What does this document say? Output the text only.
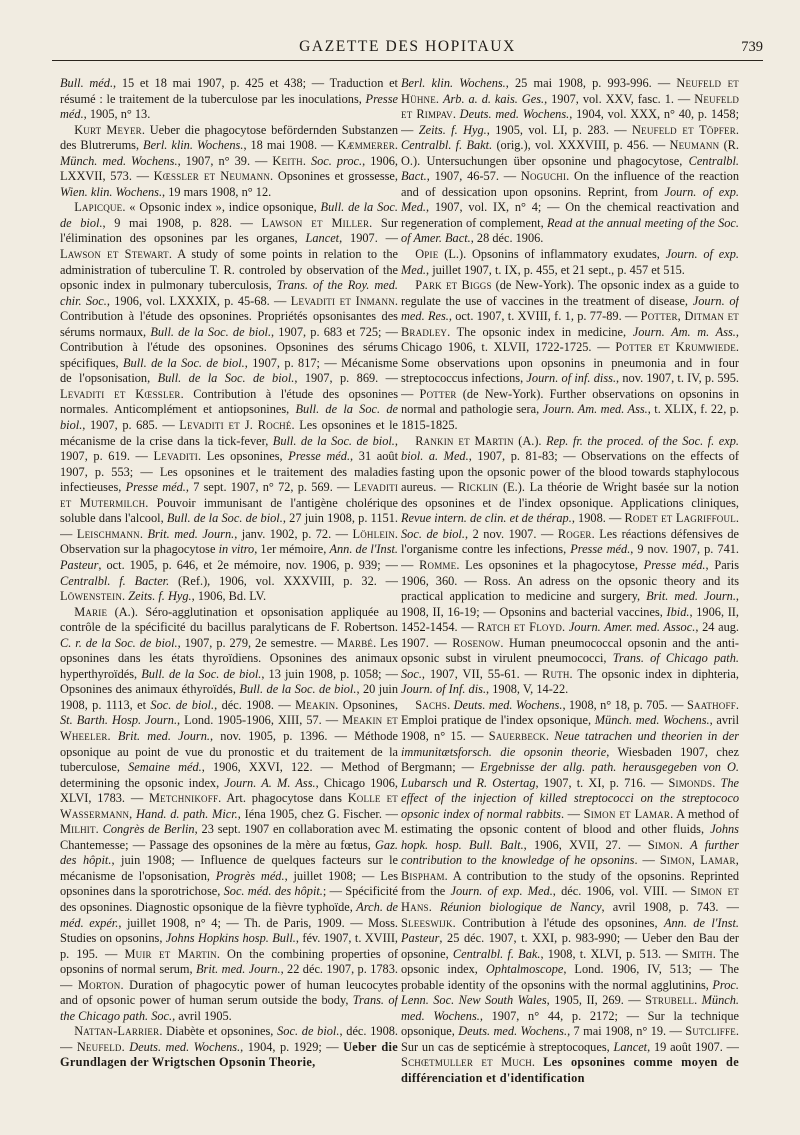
GAZETTE DES HOPITAUX	739

Bull. méd., 15 et 18 mai 1907, p. 425 et 438; — Traduction et résumé : le traitement de la tuberculose par les inoculations, Presse méd., 1905, n° 13.

Kurt Meyer. Ueber die phagocytose befördernden Substanzen des Blutrerums, Berl. klin. Wochens., 18 mai 1908. — Kæmmerer. Münch. med. Wochens., 1907, n° 39. — Keith. Soc. proc., 1906, LXXVII, 573. — Kœssler et Neumann. Opsonines et grossesse, Wien. klin. Wochens., 19 mars 1908, n° 12.

Lapicque. « Opsonic index », indice opsonique, Bull. de la Soc. de biol., 9 mai 1908, p. 828. — Lawson et Miller. Sur l'élimination des opsonines par les organes, Lancet, 1907. — Lawson et Stewart. A study of some points in relation to the administration of tuberculine T. R. controled by observation of the opsonic index in pulmonary tuberculosis, Trans. of the Roy. med. chir. Soc., 1906, vol. LXXXIX, p. 45-68. — Levaditi et Inmann. Contribution à l'étude des opsonines. Propriétés opsonisantes des sérums normaux, Bull. de la Soc. de biol., 1907, p. 683 et 725; — Contribution à l'étude des opsonines. Opsonines des sérums spécifiques, Bull. de la Soc. de biol., 1907, p. 817; — Mécanisme de l'opsonisation, Bull. de la Soc. de biol., 1907, p. 869. — Levaditi et Kœssler. Contribution à l'étude des opsonines normales. Anticomplément et antiopsonines, Bull. de la Soc. de biol., 1907, p. 685. — Levaditi et J. Roché. Les opsonines et le mécanisme de la crise dans la tick-fever, Bull. de la Soc. de biol., 1907, p. 619. — Levaditi. Les opsonines, Presse méd., 31 août 1907, p. 553; — Les opsonines et le traitement des maladies infectieuses, Presse méd., 7 sept. 1907, n° 72, p. 569. — Levaditi et Mutermilch. Pouvoir immunisant de l'antigène cholérique soluble dans l'alcool, Bull. de la Soc. de biol., 27 juin 1908, p. 1151. — Leischmann. Brit. med. Journ., janv. 1902, p. 72. — Löhlein. Observation sur la phagocytose in vitro, 1er mémoire, Ann. de l'Inst. Pasteur, oct. 1905, p. 646, et 2e mémoire, nov. 1906, p. 939; — Centralbl. f. Bacter. (Ref.), 1906, vol. XXXVIII, p. 32. — Löwenstein. Zeits. f. Hyg., 1906, Bd. LV.

Marie (A.). Séro-agglutination et opsonisation appliquée au contrôle de la spécificité du bacillus paralyticans de F. Robertson. C. r. de la Soc. de biol., 1907, p. 279, 2e semestre. — Marbé. Les opsonines dans les états thyroïdiens. Opsonines des animaux hyperthyroïdés, Bull. de la Soc. de biol., 13 juin 1908, p. 1058; — Opsonines des animaux éthyroïdés, Bull. de la Soc. de biol., 20 juin 1908, p. 1113, et Soc. de biol., déc. 1908. — Meakin. Opsonines, St. Barth. Hosp. Journ., Lond. 1905-1906, XIII, 57. — Meakin et Wheeler. Brit. med. Journ., nov. 1905, p. 1396. — Méthode opsonique au point de vue du pronostic et du traitement de la tuberculose, Semaine méd., 1906, XXVI, 122. — Method of determining the opsonic index, Journ. A. M. Ass., Chicago 1906, XLVI, 1783. — Metchnikoff. Art. phagocytose dans Kolle et Wassermann, Hand. d. path. Micr., Iéna 1905, chez G. Fischer. — Milhit. Congrès de Berlin, 23 sept. 1907 en collaboration avec M. Chantemesse; — Passage des opsonines de la mère au fœtus, Gaz. des hôpit., juin 1908; — Influence de quelques facteurs sur le mécanisme de l'opsonisation, Progrès méd., juillet 1908; — Les opsonines dans la sporotrichose, Soc. méd. des hôpit.; — Spécificité des opsonines. Diagnostic opsonique de la fièvre typhoïde, Arch. de méd. expér., juillet 1908, n° 4; — Th. de Paris, 1909. — Moss. Studies on opsonins, Johns Hopkins hosp. Bull., fév. 1907, t. XVIII, p. 195. — Muir et Martin. On the combining properties of opsonins of normal serum, Brit. med. Journ., 22 déc. 1907, p. 1783. — Morton. Duration of phagocytic power of human leucocytes and of opsonic power of human serum outside the body, Trans. of the Chicago path. Soc., avril 1905.

Nattan-Larrier. Diabète et opsonines, Soc. de biol., déc. 1908. — Neufeld. Deuts. med. Wochens., 1904, p. 1929; — Ueber die Grundlagen der Wrigtschen Opsonin Theorie,

Berl. klin. Wochens., 25 mai 1908, p. 993-996. — Neufeld et Hühne. Arb. a. d. kais. Ges., 1907, vol. XXV, fasc. 1. — Neufeld et Rimpav. Deuts. med. Wochens., 1904, vol. XXX, n° 40, p. 1458; — Zeits. f. Hyg., 1905, vol. LI, p. 283. — Neufeld et Töpfer. Centralbl. f. Bakt. (orig.), vol. XXXVIII, p. 456. — Neumann (R. O.). Untersuchungen über opsonine und phagocytose, Centralbl. Bact., 1907, 46-57. — Noguchi. On the influence of the reaction and of dessication upon opsonins. Reprint, from Journ. of exp. Med., 1907, vol. IX, n° 4; — On the chemical reactivation and regeneration of complement, Read at the annual meeting of the Soc. of Amer. Bact., 28 déc. 1906.

Opie (L.). Opsonins of inflammatory exudates, Journ. of exp. Med., juillet 1907, t. IX, p. 455, et 21 sept., p. 457 et 515.

Park et Biggs (de New-York). The opsonic index as a guide to regulate the use of vaccines in the treatment of disease, Journ. of med. Res., oct. 1907, t. XVIII, f. 1, p. 77-89. — Potter, Ditman et Bradley. The opsonic index in medicine, Journ. Am. m. Ass., Chicago 1906, t. XLVII, 1722-1725. — Potter et Krumwiede. Some observations upon opsonins in pneumonia and in four streptococcus infections, Journ. of inf. diss., nov. 1907, t. IV, p. 595. — Potter (de New-York). Further observations on opsonins in normal and pathologie sera, Journ. Am. med. Ass., t. XLIX, f. 22, p. 1815-1825.

Rankin et Martin (A.). Rep. fr. the proced. of the Soc. f. exp. biol. a. Med., 1907, p. 81-83; — Observations on the effects of fasting upon the opsonic power of the blood towards staphylocous aureus. — Ricklin (E.). La théorie de Wright basée sur la notion des opsonines et de l'index opsonique. Applications cliniques, Revue intern. de clin. et de thérap., 1908. — Rodet et Lagriffoul. Soc. de biol., 2 nov. 1907. — Roger. Les réactions défensives de l'organisme contre les infections, Presse méd., 9 nov. 1907, p. 741. — Romme. Les opsonines et la phagocytose, Presse méd., Paris 1906, 360. — Ross. An adress on the opsonic theory and its practical application to medicine and surgery, Brit. med. Journ., 1908, II, 16-19; — Opsonins and bacterial vaccines, Ibid., 1906, II, 1452-1454. — Ratch et Floyd. Journ. Amer. med. Assoc., 24 aug. 1907. — Rosenow. Human pneumococcal opsonin and the anti-opsonic subst in virulent pneumococci, Trans. of Chicago path. Soc., 1907, VII, 55-61. — Ruth. The opsonic index in diphteria, Journ. of Inf. dis., 1908, V, 14-22.

Sachs. Deuts. med. Wochens., 1908, n° 18, p. 705. — Saathoff. Emploi pratique de l'index opsonique, Münch. med. Wochens., avril 1908, n° 15. — Sauerbeck. Neue tatrachen und theorien in der immunitætsforsch. die opsonin theorie, Wiesbaden 1907, chez Bergmann; — Ergebnisse der allg. path. herausgegeben von O. Lubarsch und R. Ostertag, 1907, t. XI, p. 716. — Simonds. The effect of the injection of killed streptococci on the streptococo opsonic index of normal rabbits. — Simon et Lamar. A method of estimating the opsonic content of blood and other fluids, Johns hopk. hosp. Bull. Balt., 1906, XVII, 27. — Simon. A further contribution to the knowledge of he opsonins. — Simon, Lamar, Bispham. A contribution to the study of the opsonins. Reprinted from the Journ. of exp. Med., déc. 1906, vol. VIII. — Simon et Hans. Réunion biologique de Nancy, avril 1908, p. 743. — Sleeswijk. Contribution à l'étude des opsonines, Ann. de l'Inst. Pasteur, 25 déc. 1907, t. XXI, p. 983-990; — Ueber den Bau der opsonine, Centralbl. f. Bak., 1908, t. XLVI, p. 513. — Smith. The opsonic index, Ophtalmoscope, Lond. 1906, IV, 513; — The probable identity of the opsonins with the normal agglutinins, Proc. Lenn. Soc. New South Wales, 1905, II, 269. — Strubell. Münch. med. Wochens., 1907, n° 44, p. 2172; — Sur la technique opsonique, Deuts. med. Wochens., 7 mai 1908, n° 19. — Sutcliffe. Sur un cas de septicémie à streptocoques, Lancet, 19 août 1907. — Schœtmuller et Much. Les opsonines comme moyen de différenciation et d'identification
